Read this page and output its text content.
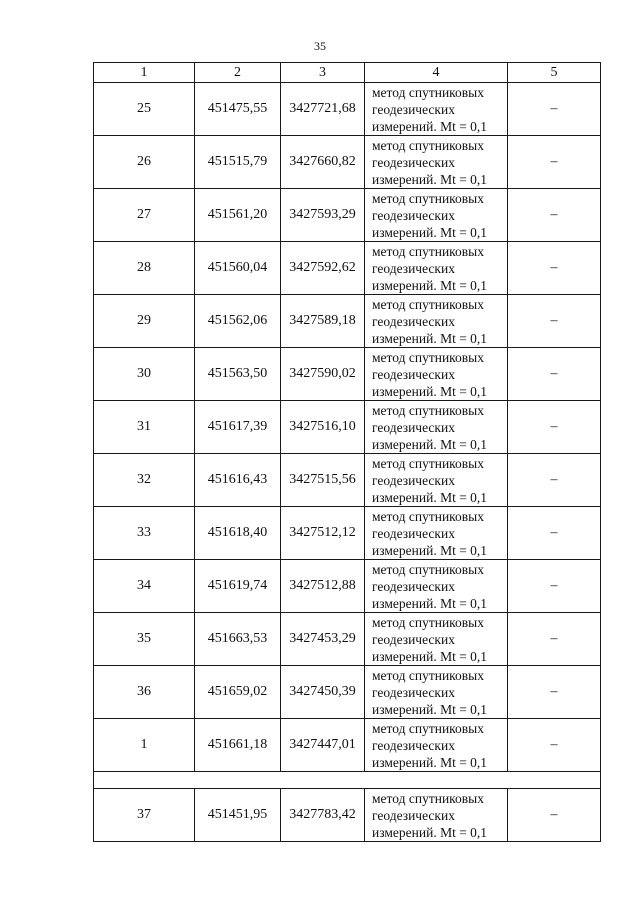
35
1	2	3	4	5
25	451475,55	3427721,68	метод спутниковых
геодезических
измерений. Mt = 0,1	–
26	451515,79	3427660,82	метод спутниковых
геодезических
измерений. Mt = 0,1	–
27	451561,20	3427593,29	метод спутниковых
геодезических
измерений. Mt = 0,1	–
28	451560,04	3427592,62	метод спутниковых
геодезических
измерений. Mt = 0,1	–
29	451562,06	3427589,18	метод спутниковых
геодезических
измерений. Mt = 0,1	–
30	451563,50	3427590,02	метод спутниковых
геодезических
измерений. Mt = 0,1	–
31	451617,39	3427516,10	метод спутниковых
геодезических
измерений. Mt = 0,1	–
32	451616,43	3427515,56	метод спутниковых
геодезических
измерений. Mt = 0,1	–
33	451618,40	3427512,12	метод спутниковых
геодезических
измерений. Mt = 0,1	–
34	451619,74	3427512,88	метод спутниковых
геодезических
измерений. Mt = 0,1	–
35	451663,53	3427453,29	метод спутниковых
геодезических
измерений. Mt = 0,1	–
36	451659,02	3427450,39	метод спутниковых
геодезических
измерений. Mt = 0,1	–
1	451661,18	3427447,01	метод спутниковых
геодезических
измерений. Mt = 0,1	–

37	451451,95	3427783,42	метод спутниковых
геодезических
измерений. Mt = 0,1	–
